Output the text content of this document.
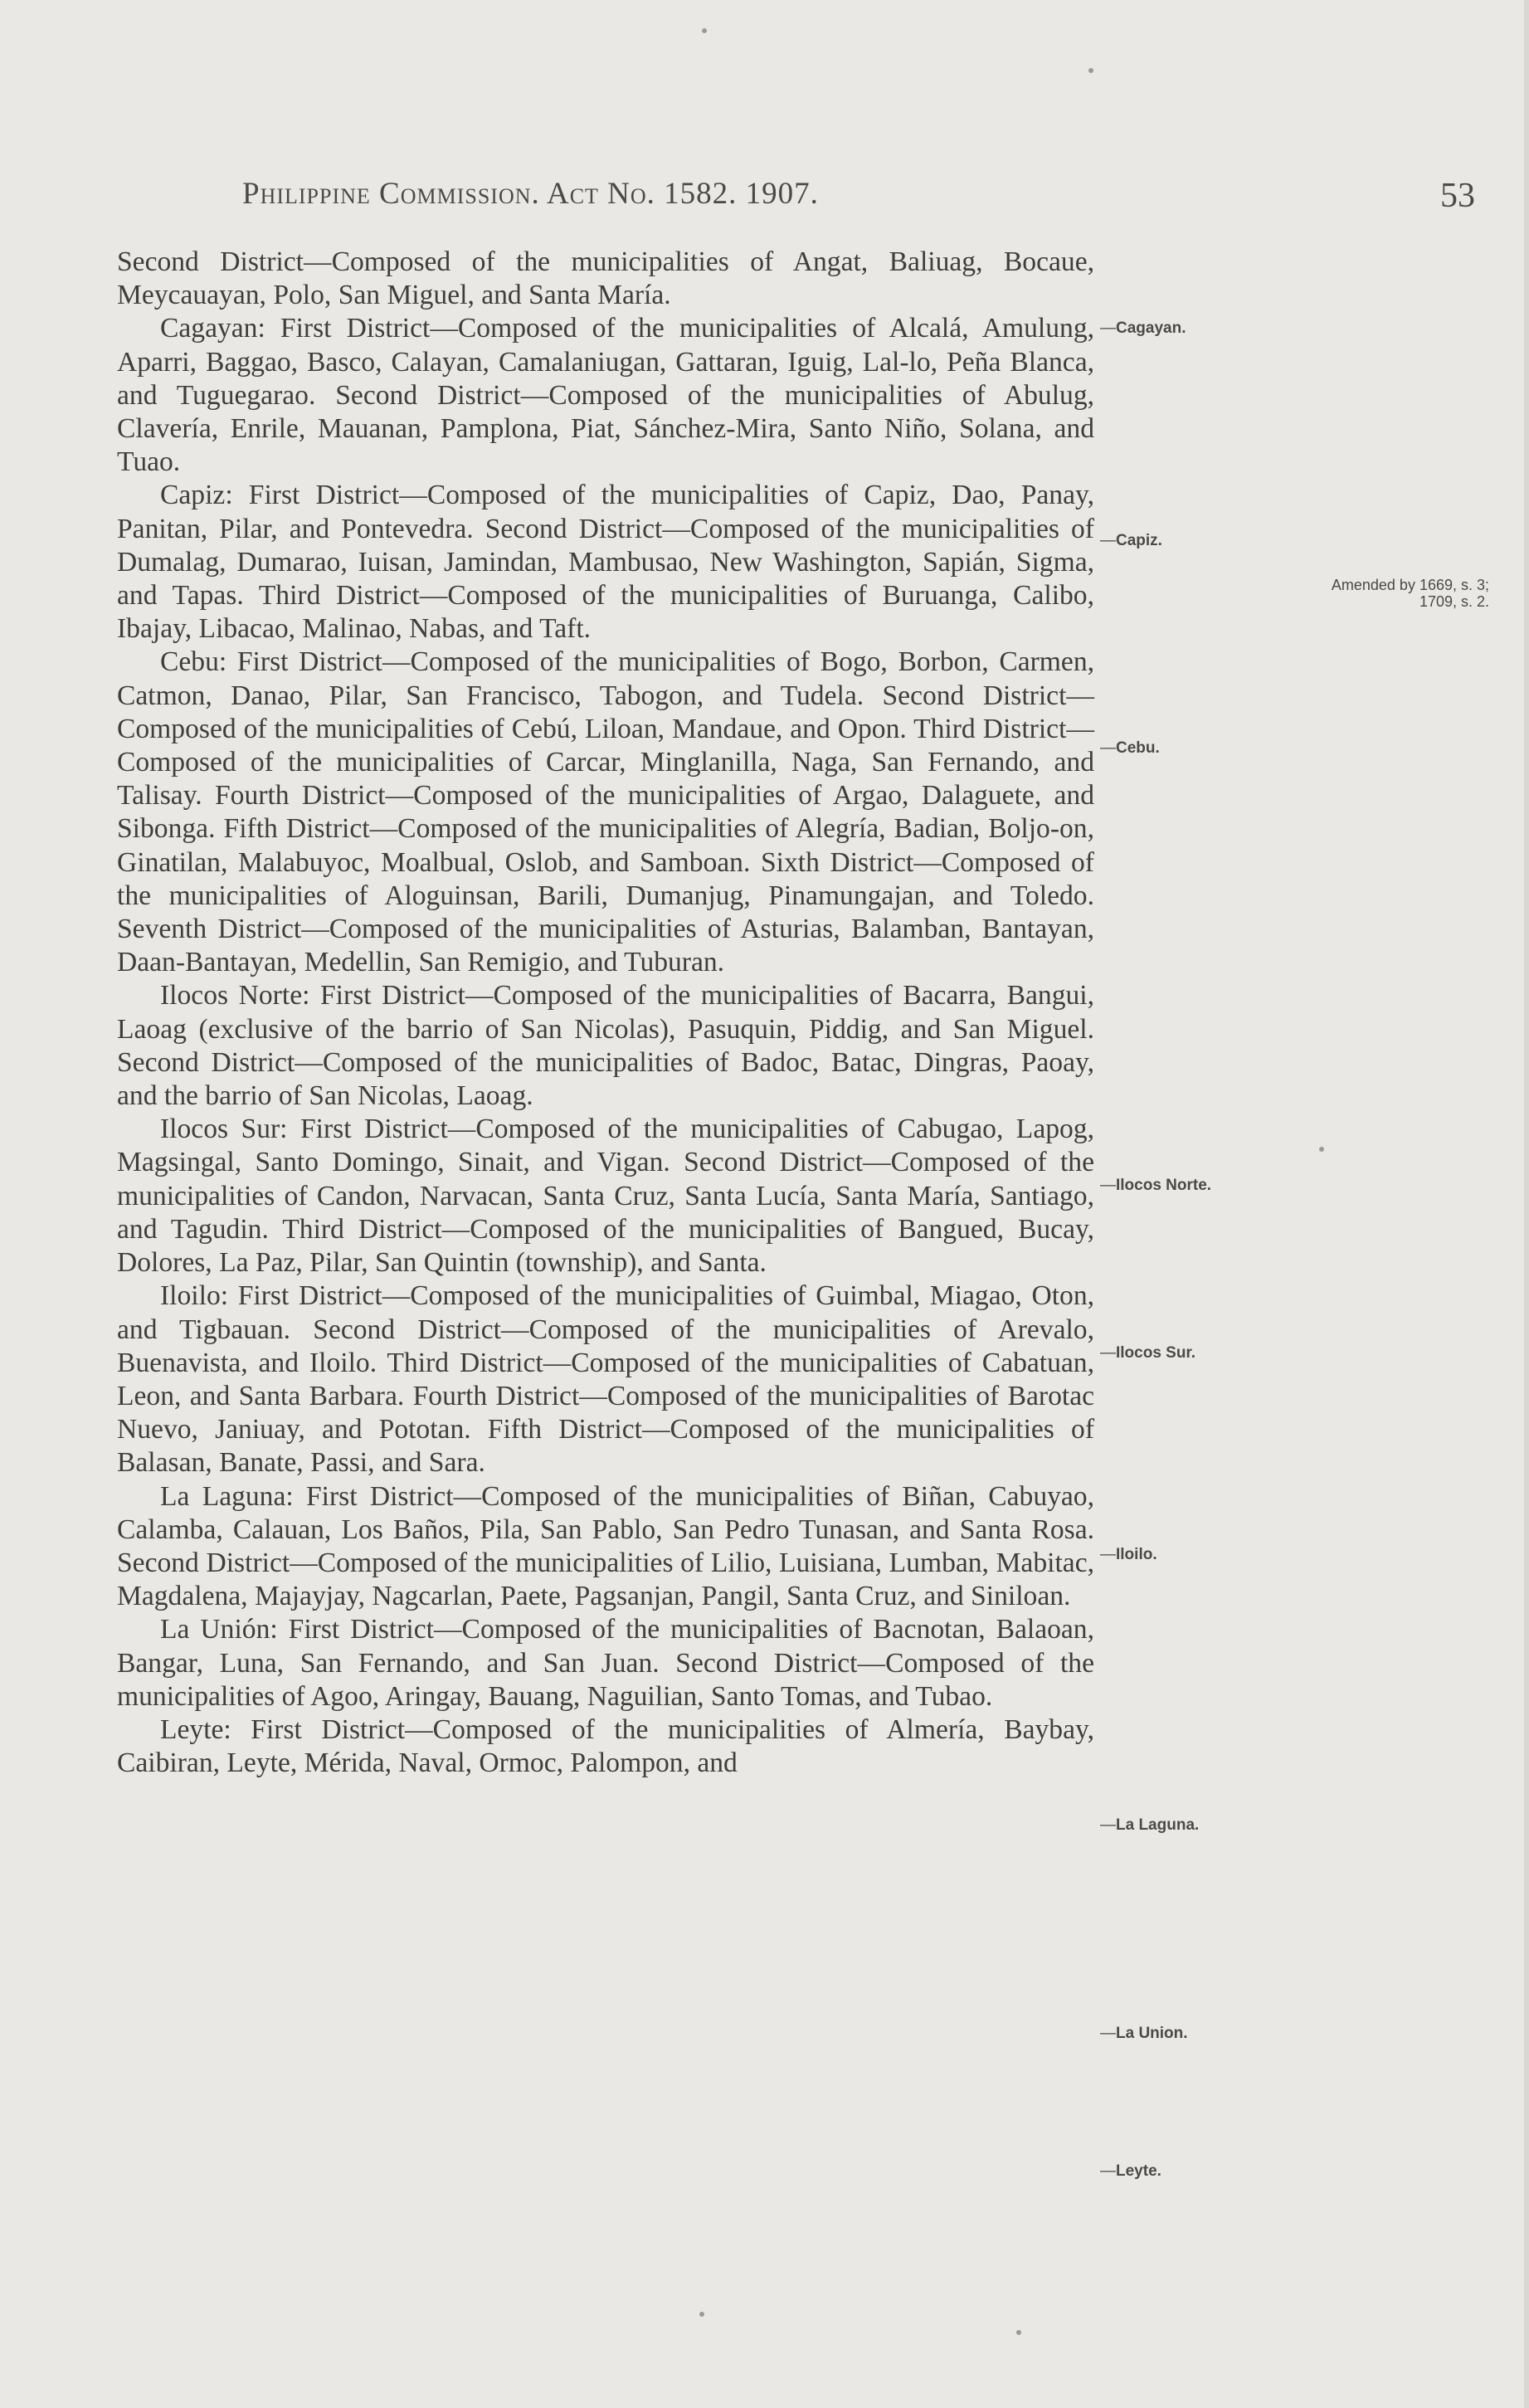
Philippine Commission. Act No. 1582. 1907.	53

Second District—Composed of the municipalities of Angat, Baliuag, Bocaue, Meycauayan, Polo, San Miguel, and Santa María.

Cagayan: First District—Composed of the municipalities of Alcalá, Amulung, Aparri, Baggao, Basco, Calayan, Camalaniugan, Gattaran, Iguig, Lal-lo, Peña Blanca, and Tuguegarao. Second District—Composed of the municipalities of Abulug, Clavería, Enrile, Mauanan, Pamplona, Piat, Sánchez-Mira, Santo Niño, Solana, and Tuao.

Capiz: First District—Composed of the municipalities of Capiz, Dao, Panay, Panitan, Pilar, and Pontevedra. Second District—Composed of the municipalities of Dumalag, Dumarao, Iuisan, Jamindan, Mambusao, New Washington, Sapián, Sigma, and Tapas. Third District—Composed of the municipalities of Buruanga, Calibo, Ibajay, Libacao, Malinao, Nabas, and Taft.

Cebu: First District—Composed of the municipalities of Bogo, Borbon, Carmen, Catmon, Danao, Pilar, San Francisco, Tabogon, and Tudela. Second District—Composed of the municipalities of Cebú, Liloan, Mandaue, and Opon. Third District—Composed of the municipalities of Carcar, Minglanilla, Naga, San Fernando, and Talisay. Fourth District—Composed of the municipalities of Argao, Dalaguete, and Sibonga. Fifth District—Composed of the municipalities of Alegría, Badian, Boljo-on, Ginatilan, Malabuyoc, Moalbual, Oslob, and Samboan. Sixth District—Composed of the municipalities of Aloguinsan, Barili, Dumanjug, Pinamungajan, and Toledo. Seventh District—Composed of the municipalities of Asturias, Balamban, Bantayan, Daan-Bantayan, Medellin, San Remigio, and Tuburan.

Ilocos Norte: First District—Composed of the municipalities of Bacarra, Bangui, Laoag (exclusive of the barrio of San Nicolas), Pasuquin, Piddig, and San Miguel. Second District—Composed of the municipalities of Badoc, Batac, Dingras, Paoay, and the barrio of San Nicolas, Laoag.

Ilocos Sur: First District—Composed of the municipalities of Cabugao, Lapog, Magsingal, Santo Domingo, Sinait, and Vigan. Second District—Composed of the municipalities of Candon, Narvacan, Santa Cruz, Santa Lucía, Santa María, Santiago, and Tagudin. Third District—Composed of the municipalities of Bangued, Bucay, Dolores, La Paz, Pilar, San Quintin (township), and Santa.

Iloilo: First District—Composed of the municipalities of Guimbal, Miagao, Oton, and Tigbauan. Second District—Composed of the municipalities of Arevalo, Buenavista, and Iloilo. Third District—Composed of the municipalities of Cabatuan, Leon, and Santa Barbara. Fourth District—Composed of the municipalities of Barotac Nuevo, Janiuay, and Pototan. Fifth District—Composed of the municipalities of Balasan, Banate, Passi, and Sara.

La Laguna: First District—Composed of the municipalities of Biñan, Cabuyao, Calamba, Calauan, Los Baños, Pila, San Pablo, San Pedro Tunasan, and Santa Rosa. Second District—Composed of the municipalities of Lilio, Luisiana, Lumban, Mabitac, Magdalena, Majayjay, Nagcarlan, Paete, Pagsanjan, Pangil, Santa Cruz, and Siniloan.

La Unión: First District—Composed of the municipalities of Bacnotan, Balaoan, Bangar, Luna, San Fernando, and San Juan. Second District—Composed of the municipalities of Agoo, Aringay, Bauang, Naguilian, Santo Tomas, and Tubao.

Leyte: First District—Composed of the municipalities of Almería, Baybay, Caibiran, Leyte, Mérida, Naval, Ormoc, Palompon, and

— Cagayan.
— Capiz.
— Cebu.
— Ilocos Norte.
— Ilocos Sur.
— Iloilo.
— La Laguna.
— La Union.
— Leyte.
Amended by 1669, s. 3; 1709, s. 2.
